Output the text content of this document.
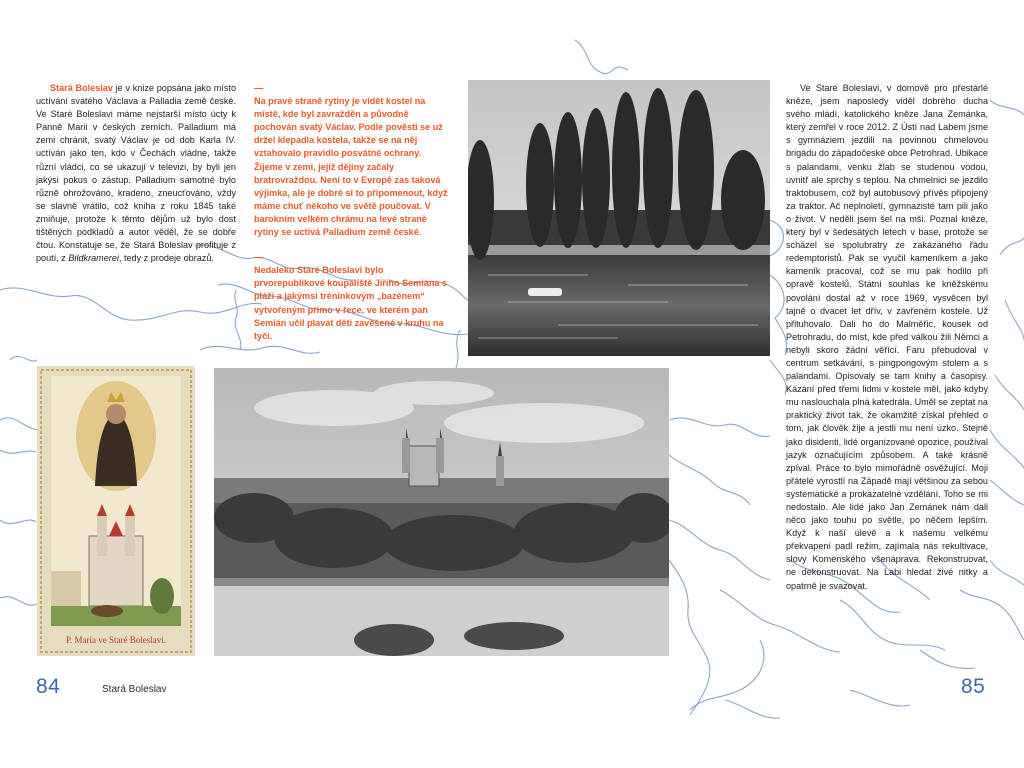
Stará Boleslav je v knize popsána jako místo uctívání svatého Václava a Palladia země české. Ve Staré Boleslavi máme nejstarší místo úcty k Panně Marii v českých zemích. Palladium má zemi chránit, svatý Václav je od dob Karla IV. uctíván jako ten, kdo v Čechách vládne, takže různí vládci, co se ukazují v televizi, by byli jen jakýsi pokus o zástup. Palladium samotné bylo různě ohrožováno, kradeno, zneucťováno, vždy se slavně vrátilo, což kniha z roku 1845 také zmiňuje, protože k těmto dějům už bylo dost tištěných podkladů a autor věděl, že se dobře čtou. Konstatuje se, že Stará Boleslav profituje z poutí, z Bildkramerei, tedy z prodeje obrazů.

—

Na pravé straně rytiny je vidět kostel na místě, kde byl zavražděn a původně pochován svatý Václav. Podle pověsti se už držel klepadla kostela, takže se na něj vztahovalo pravidlo posvátné ochrany. Žijeme v zemi, jejíž dějiny začaly bratrovraždou. Není to v Evropě zas taková výjimka, ale je dobré si to připomenout, když máme chuť někoho ve světě poučovat. V barokním velkém chrámu na levé straně rytiny se uctívá Palladium země české.

—

Nedaleko Staré Boleslavi bylo prvorepublikové koupaliště Jiřího Semiána s pláží a jakýmsi tréninkovým „bazénem“ vytvořeným přímo v řece, ve kterém pan Semián učil plavat děti zavěšené v kruhu na tyči.

Ve Staré Boleslavi, v domově pro přestárlé kněze, jsem naposledy viděl dobrého ducha svého mládí, katolického kněze Jana Zemánka, který zemřel v roce 2012. Z Ústí nad Labem jsme s gymnáziem jezdili na povinnou chmelovou brigádu do západočeské obce Petrohrad. Ubikace s palandami, venku žlab se studenou vodou, uvnitř ale sprchy s teplou. Na chmelnici se jezdilo traktobusem, což byl autobusový přívěs připojený za traktor. Ač neplnoletí, gymnazisté tam pili jako o život. V neděli jsem šel na mši. Poznal kněze, který byl v šedesátých letech v base, protože se scházel se spolubratry ze zakázaného řádu redemptoristů. Pak se vyučil kameníkem a jako kameník pracoval, což se mu pak hodilo při opravě kostelů. Státní souhlas ke kněžskému povolání dostal až v roce 1969, vysvěcen byl tajně o dvacet let dřív, v zavřeném kostele. Už přituhovalo. Dali ho do Malměřic, kousek od Petrohradu, do míst, kde před válkou žili Němci a nebyli skoro žádní věřící. Faru přebudoval v centrum setkávání, s pingpongovým stolem a s palandami. Opisovaly se tam knihy a časopisy. Kázání před třemi lidmi v kostele měl, jako kdyby mu naslouchala plná katedrála. Uměl se zeptat na praktický život tak, že okamžitě získal přehled o tom, jak člověk žije a jestli mu není úzko. Stejně jako disidenti, lidé organizované opozice, používal jazyk označujícím způsobem. A také krásně zpíval. Práce to bylo mimořádně osvěžující. Moji přátelé vyrostlí na Západě mají většinou za sebou systematické a prokazatelné vzdělání. Toho se mi nedostalo. Ale lidé jako Jan Zemánek nám dali něco jako touhu po světle, po něčem lepším. Když k naší úlevě a k našemu velkému překvapení padl režim, zajímala nás rekultivace, slovy Komenského všenáprava. Rekonstruovat, ne dekonstruovat. Na Labi hledat živé nitky a opatrně je svazovat.

P. Maria ve Staré Boleslavi.
84	Stará Boleslav	85
